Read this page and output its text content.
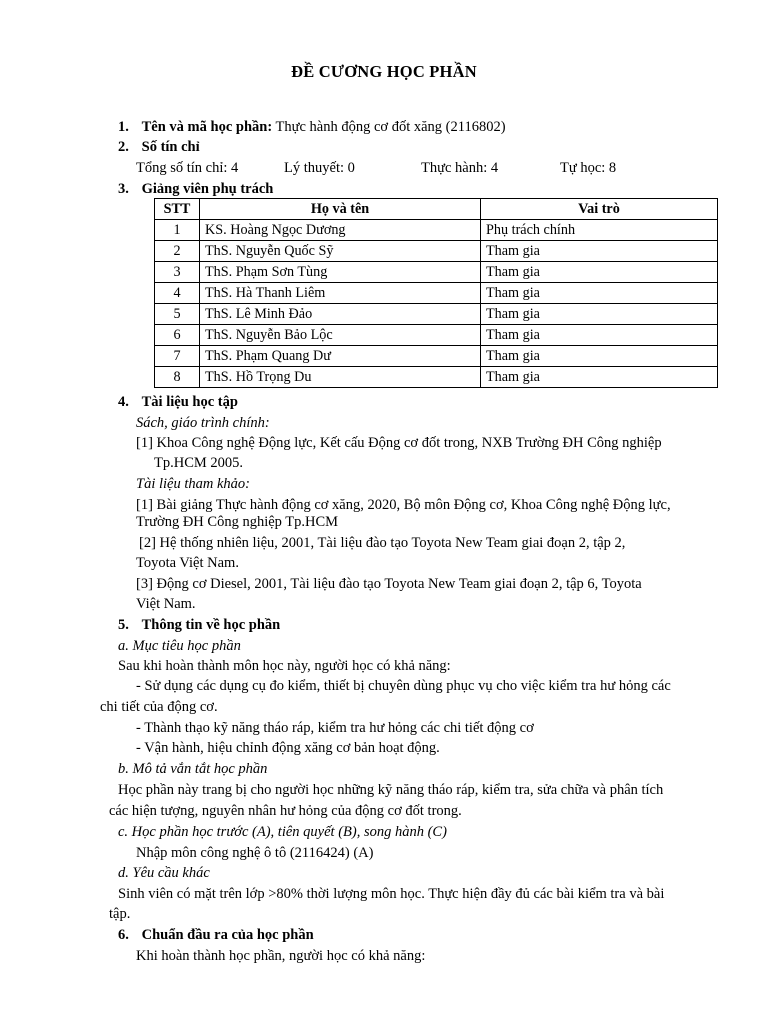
ĐỀ CƯƠNG HỌC PHẦN
1. Tên và mã học phần: Thực hành động cơ đốt xăng (2116802)
2. Số tín chỉ
Tổng số tín chỉ: 4	Lý thuyết: 0	Thực hành: 4	Tự học: 8
3. Giảng viên phụ trách
STT	Họ và tên	Vai trò
1	KS. Hoàng Ngọc Dương	Phụ trách chính
2	ThS. Nguyễn Quốc Sỹ	Tham gia
3	ThS. Phạm Sơn Tùng	Tham gia
4	ThS. Hà Thanh Liêm	Tham gia
5	ThS. Lê Minh Đảo	Tham gia
6	ThS. Nguyễn Bảo Lộc	Tham gia
7	ThS. Phạm Quang Dư	Tham gia
8	ThS. Hồ Trọng Du	Tham gia
4. Tài liệu học tập
Sách, giáo trình chính:
[1] Khoa Công nghệ Động lực, Kết cấu Động cơ đốt trong, NXB Trường ĐH Công nghiệp
Tp.HCM 2005.
Tài liệu tham khảo:
[1] Bài giảng Thực hành động cơ xăng, 2020, Bộ môn Động cơ, Khoa Công nghệ Động lực,
Trường ĐH Công nghiệp Tp.HCM
[2] Hệ thống nhiên liệu, 2001, Tài liệu đào tạo Toyota New Team giai đoạn 2, tập 2,
Toyota Việt Nam.
[3] Động cơ Diesel, 2001, Tài liệu đào tạo Toyota New Team giai đoạn 2, tập 6, Toyota
Việt Nam.
5. Thông tin về học phần
a. Mục tiêu học phần
Sau khi hoàn thành môn học này, người học có khả năng:
- Sử dụng các dụng cụ đo kiểm, thiết bị chuyên dùng phục vụ cho việc kiểm tra hư hỏng các
chi tiết của động cơ.
- Thành thạo kỹ năng tháo ráp, kiểm tra hư hỏng các chi tiết động cơ
- Vận hành, hiệu chỉnh động xăng cơ bản hoạt động.
b. Mô tả vắn tắt học phần
Học phần này trang bị cho người học những kỹ năng tháo ráp, kiểm tra, sửa chữa và phân tích
các hiện tượng, nguyên nhân hư hỏng của động cơ đốt trong.
c. Học phần học trước (A), tiên quyết (B), song hành (C)
Nhập môn công nghệ ô tô (2116424) (A)
d. Yêu cầu khác
Sinh viên có mặt trên lớp >80% thời lượng môn học. Thực hiện đầy đủ các bài kiểm tra và bài
tập.
6. Chuẩn đầu ra của học phần
Khi hoàn thành học phần, người học có khả năng:
